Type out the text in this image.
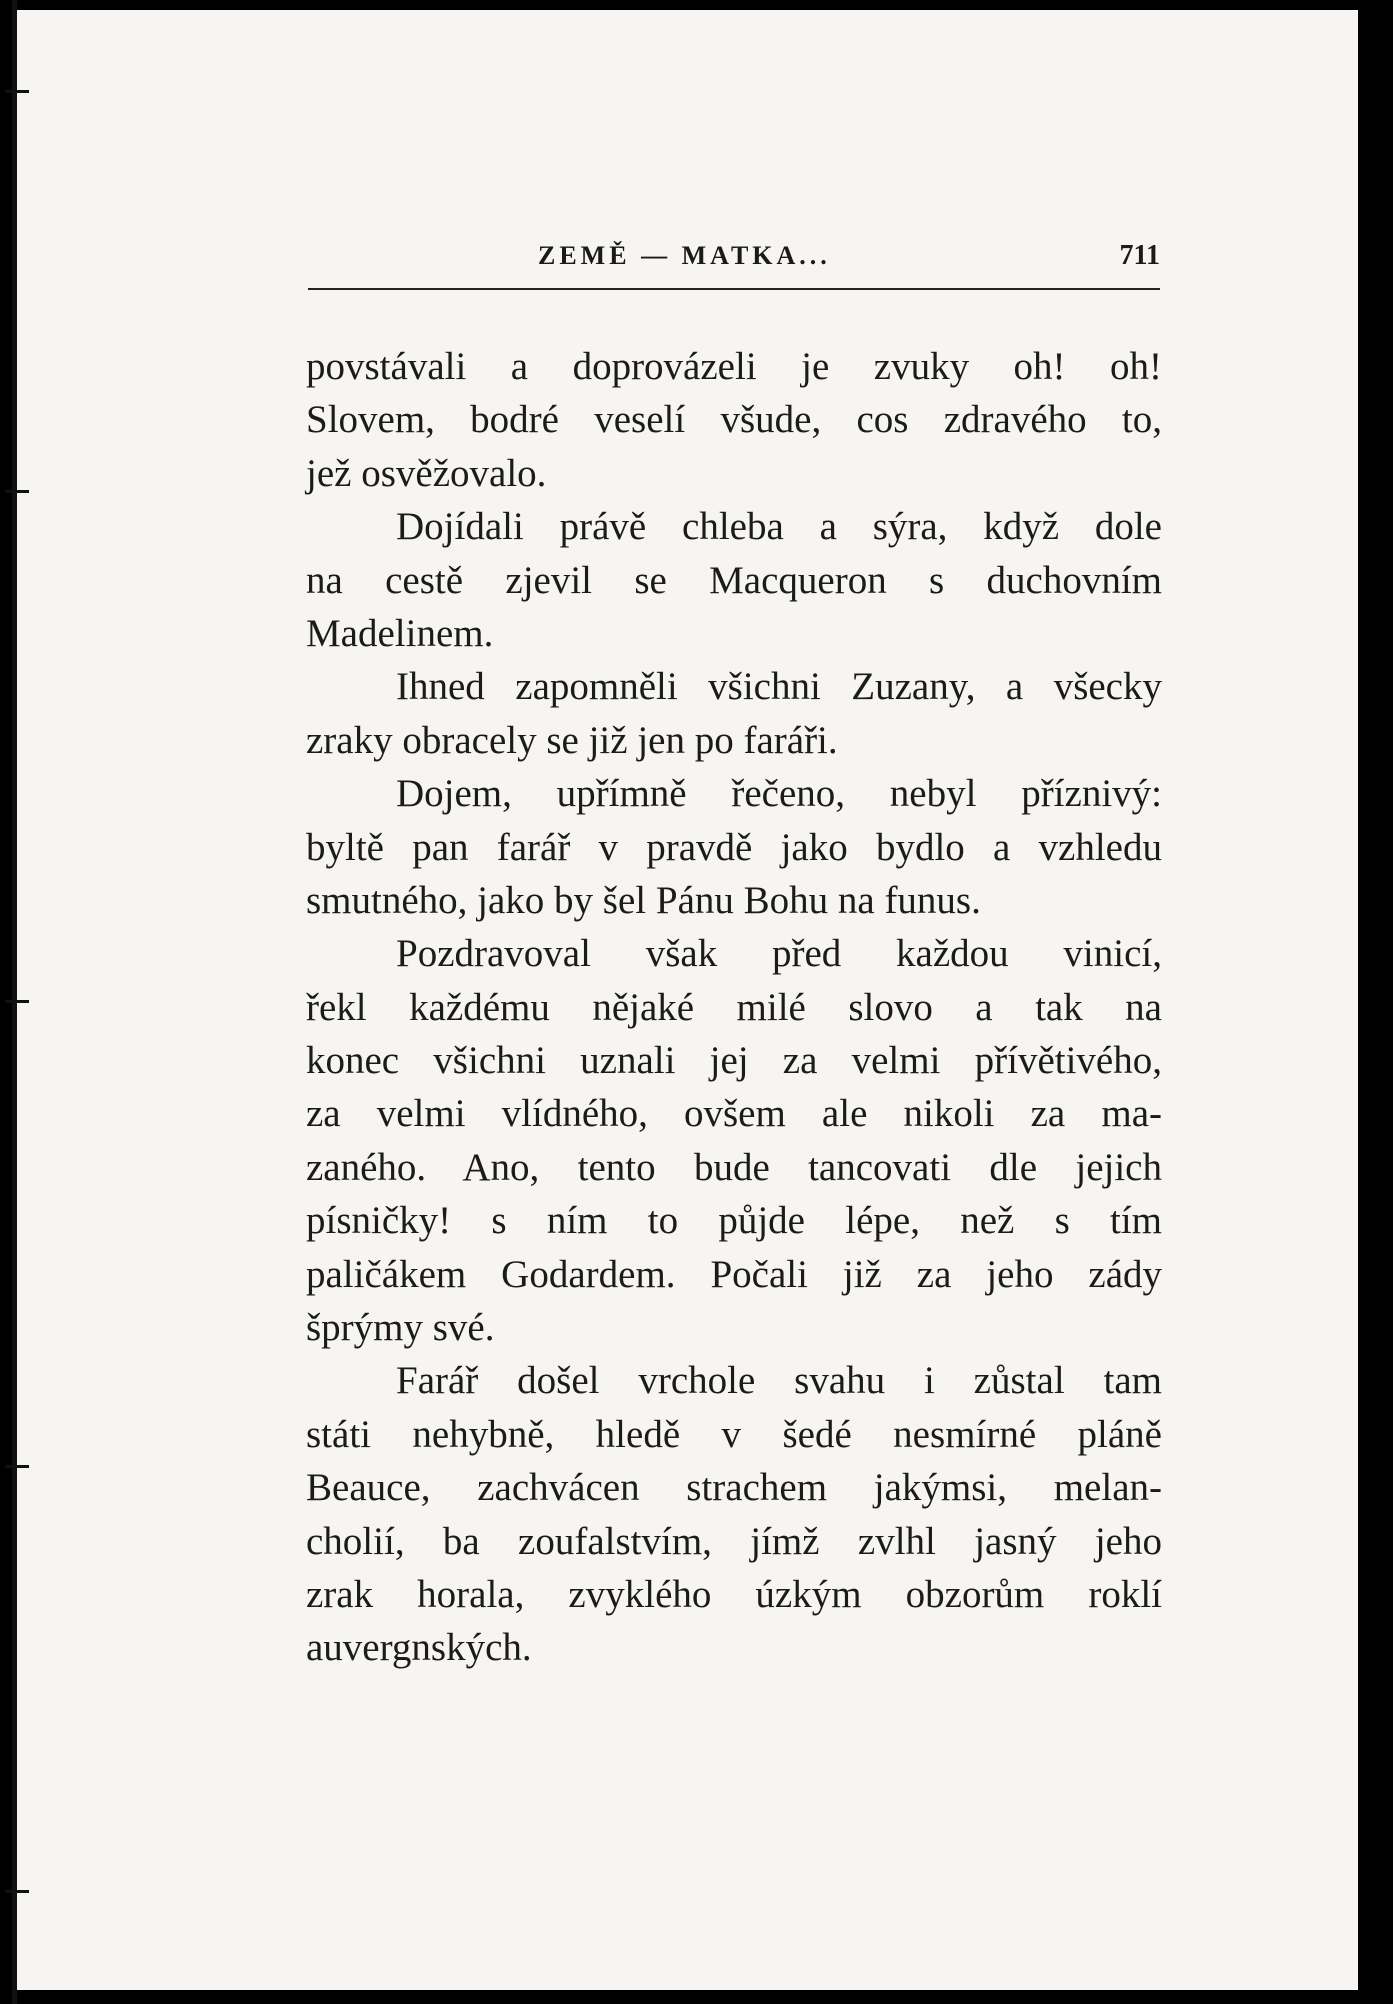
ZEMĚ — MATKA...	711
povstávali a doprovázeli je zvuky oh! oh!
Slovem, bodré veselí všude, cos zdravého to,
jež osvěžovalo.
Dojídali právě chleba a sýra, když dole
na cestě zjevil se Macqueron s duchovním
Madelinem.
Ihned zapomněli všichni Zuzany, a všecky
zraky obracely se již jen po faráři.
Dojem, upřímně řečeno, nebyl příznivý:
byltě pan farář v pravdě jako bydlo a vzhledu
smutného, jako by šel Pánu Bohu na funus.
Pozdravoval však před každou vinicí,
řekl každému nějaké milé slovo a tak na
konec všichni uznali jej za velmi přívětivého,
za velmi vlídného, ovšem ale nikoli za ma-
zaného. Ano, tento bude tancovati dle jejich
písničky! s ním to půjde lépe, než s tím
paličákem Godardem. Počali již za jeho zády
šprýmy své.
Farář došel vrchole svahu i zůstal tam
státi nehybně, hledě v šedé nesmírné pláně
Beauce, zachvácen strachem jakýmsi, melan-
cholií, ba zoufalstvím, jímž zvlhl jasný jeho
zrak horala, zvyklého úzkým obzorům roklí
auvergnských.
